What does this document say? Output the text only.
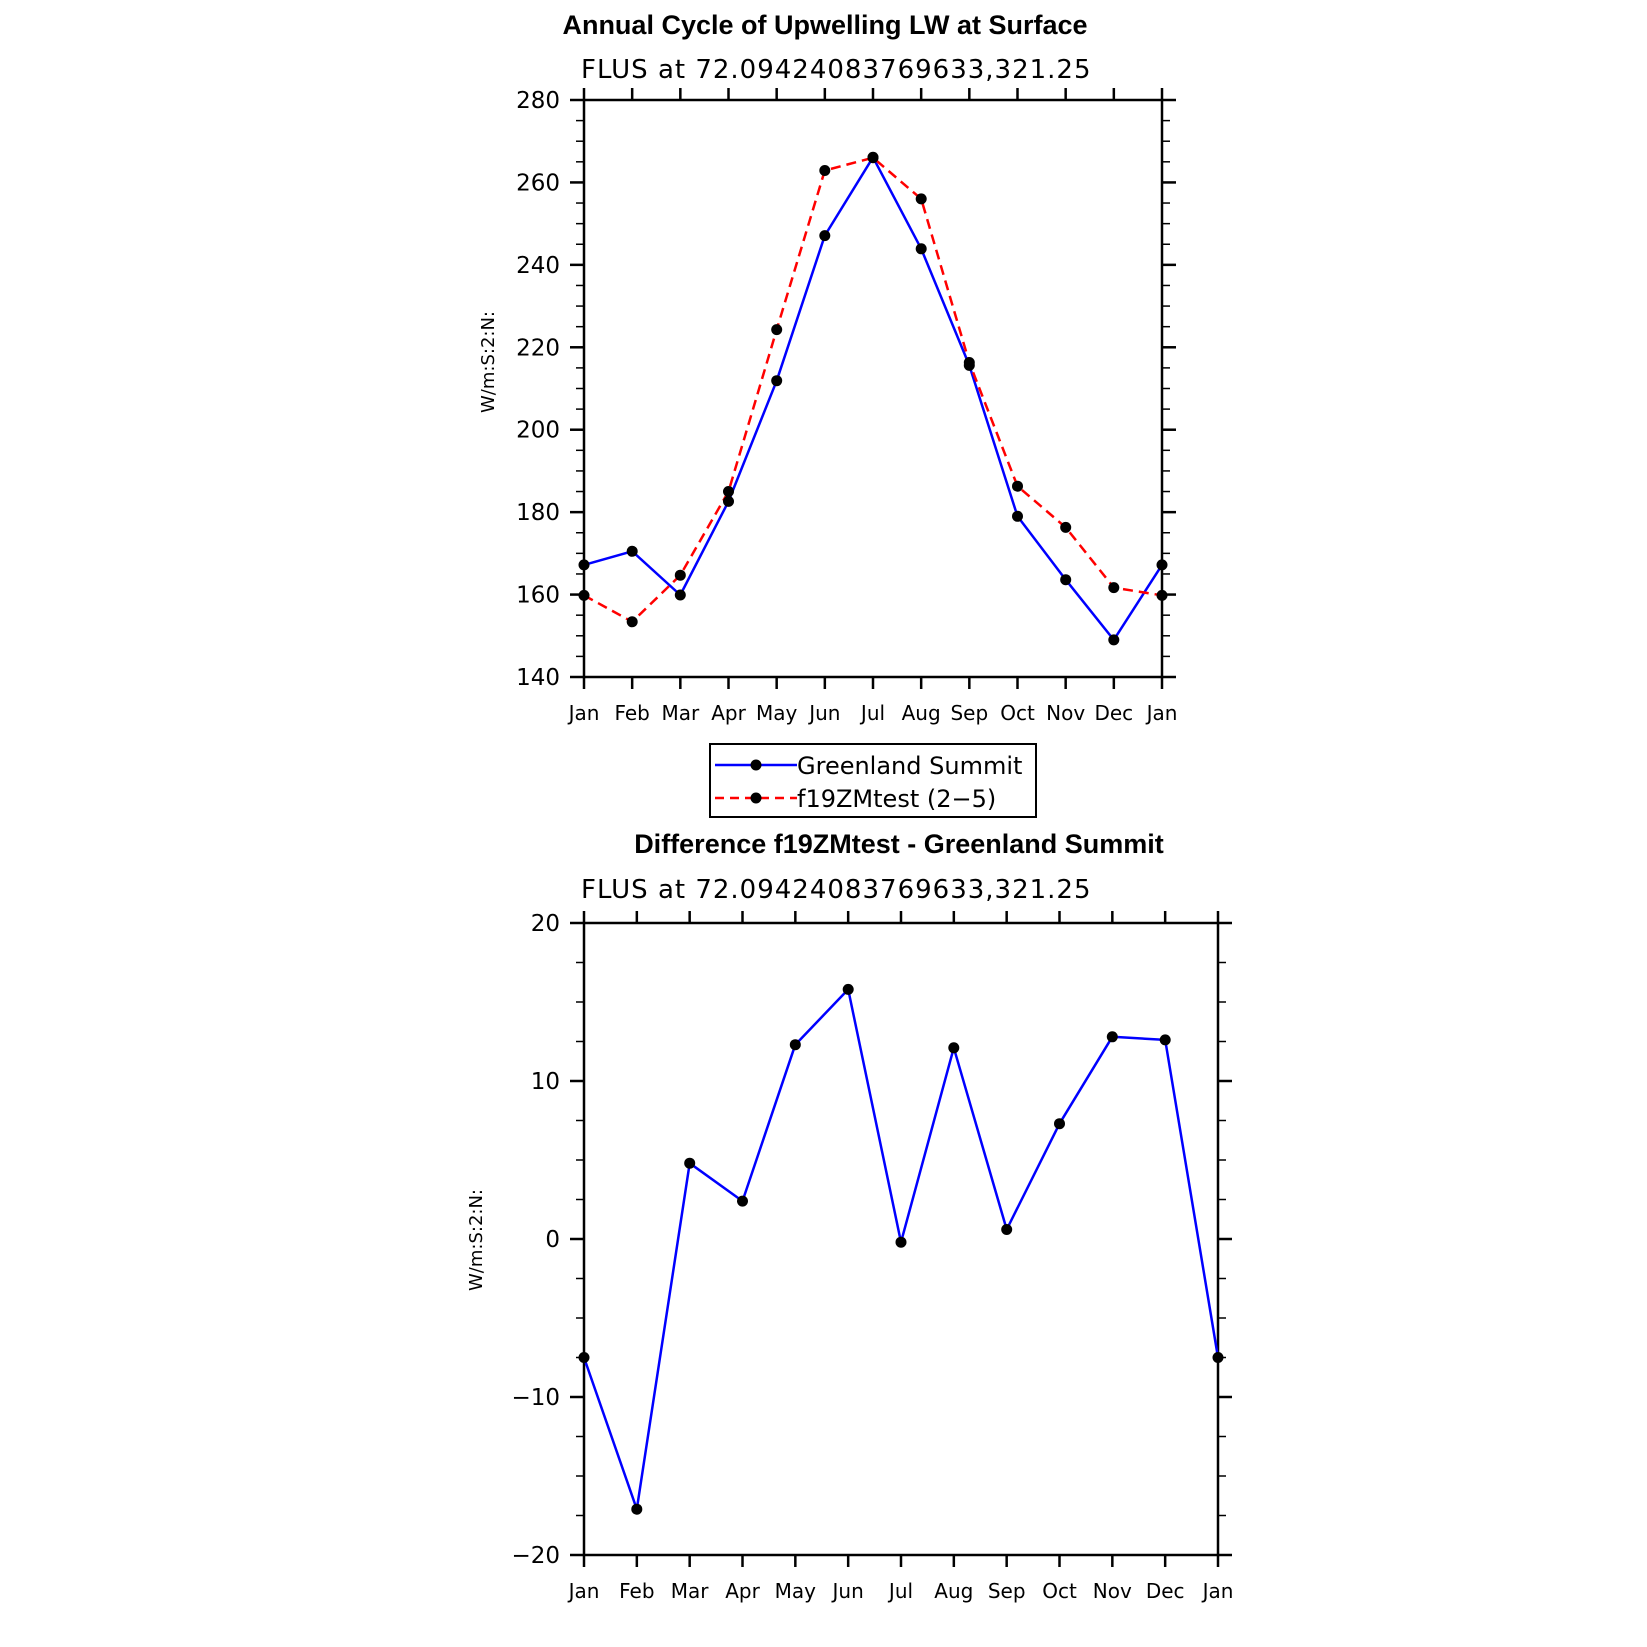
Annual Cycle of Upwelling LW at Surface
FLUS at 72.09424083769633,321.25
W/m:S:2:N:
Jan Feb Mar Apr May Jun Jul Aug Sep Oct Nov Dec Jan
140
160
180
200
220
240
260
280
Greenland Summit
f19ZMtest (2−5)
Difference f19ZMtest - Greenland Summit
FLUS at 72.09424083769633,321.25
W/m:S:2:N:
Jan Feb Mar Apr May Jun Jul Aug Sep Oct Nov Dec Jan
−20
−10
0
10
20
